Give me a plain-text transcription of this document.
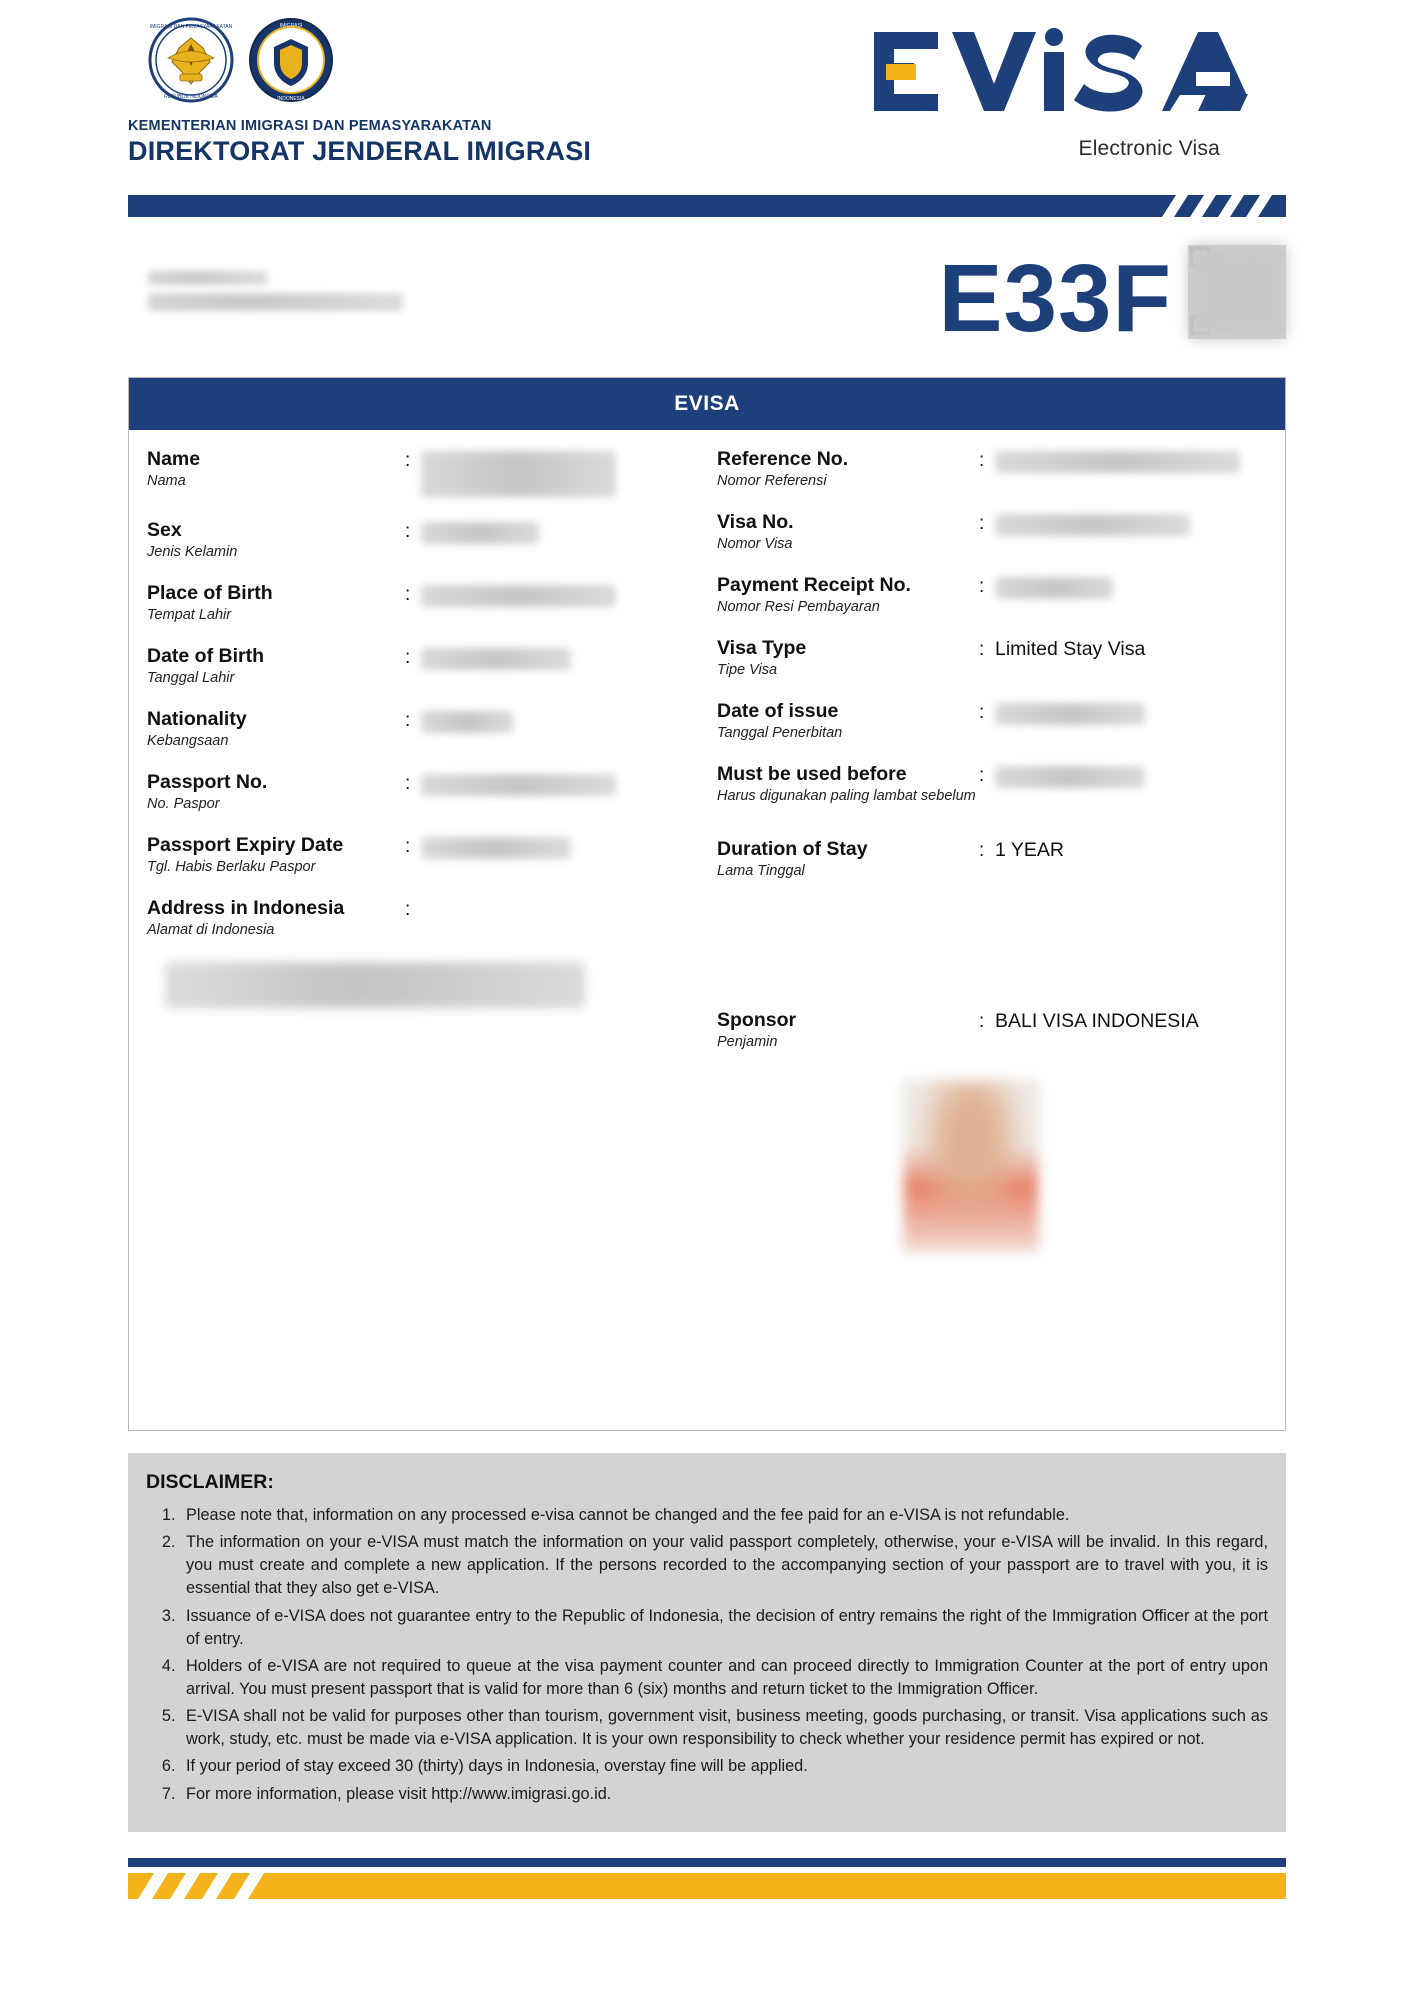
IMIGRASI DAN PEMASYARAKATAN
REPUBLIK INDONESIA
IMIGRASI
INDONESIA
KEMENTERIAN IMIGRASI DAN PEMASYARAKATAN
DIREKTORAT JENDERAL IMIGRASI	Electronic Visa
E33F
EVISA
Name
Nama
:
Sex
Jenis Kelamin
:
Place of Birth
Tempat Lahir
:
Date of Birth
Tanggal Lahir
:
Nationality
Kebangsaan
:
Passport No.
No. Paspor
:
Passport Expiry Date
Tgl. Habis Berlaku Paspor
:
Address in Indonesia
Alamat di Indonesia
:
Reference No.
Nomor Referensi
:
Visa No.
Nomor Visa
:
Payment Receipt No.
Nomor Resi Pembayaran
:
Visa Type
Tipe Visa
: Limited Stay Visa
Date of issue
Tanggal Penerbitan
:
Must be used before
Harus digunakan paling lambat sebelum
:
Duration of Stay
Lama Tinggal
: 1 YEAR
Sponsor
Penjamin
: BALI VISA INDONESIA
DISCLAIMER:
1. Please note that, information on any processed e-visa cannot be changed and the fee paid for an e-VISA is not refundable.
2. The information on your e-VISA must match the information on your valid passport completely, otherwise, your e-VISA will be invalid. In this regard, you must create and complete a new application. If the persons recorded to the accompanying section of your passport are to travel with you, it is essential that they also get e-VISA.
3. Issuance of e-VISA does not guarantee entry to the Republic of Indonesia, the decision of entry remains the right of the Immigration Officer at the port of entry.
4. Holders of e-VISA are not required to queue at the visa payment counter and can proceed directly to Immigration Counter at the port of entry upon arrival. You must present passport that is valid for more than 6 (six) months and return ticket to the Immigration Officer.
5. E-VISA shall not be valid for purposes other than tourism, government visit, business meeting, goods purchasing, or transit. Visa applications such as work, study, etc. must be made via e-VISA application. It is your own responsibility to check whether your residence permit has expired or not.
6. If your period of stay exceed 30 (thirty) days in Indonesia, overstay fine will be applied.
7. For more information, please visit http://www.imigrasi.go.id.
